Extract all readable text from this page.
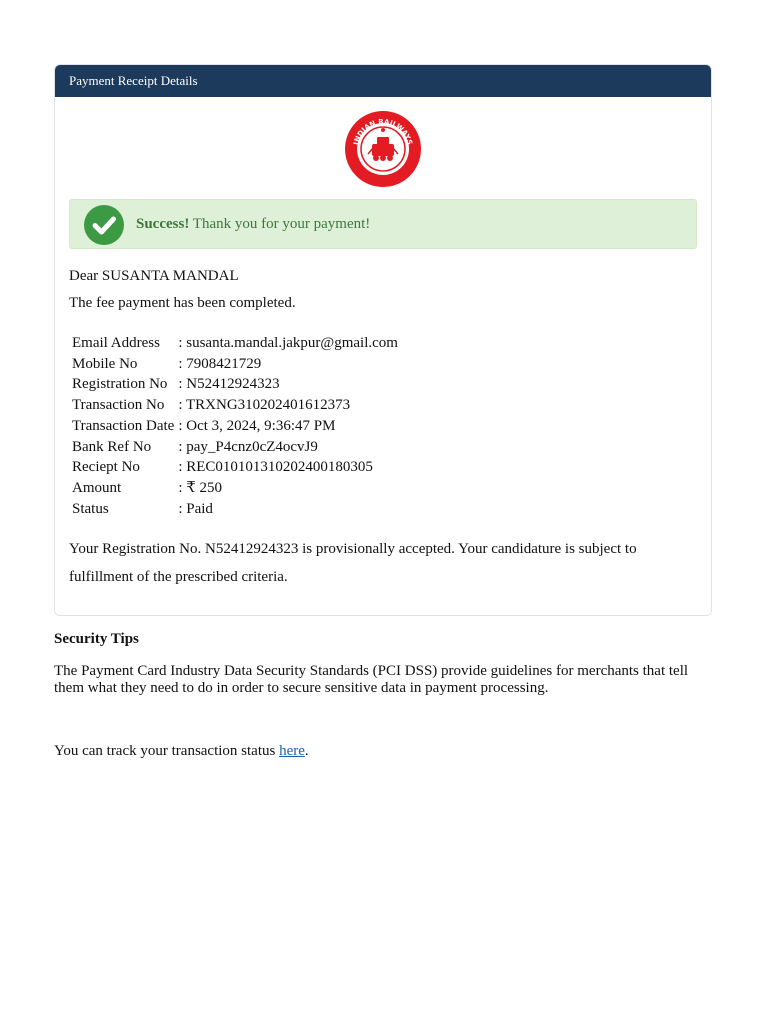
Payment Receipt Details
INDIAN RAILWAYS
Success! Thank you for your payment!
Dear SUSANTA MANDAL
The fee payment has been completed.
Email Address	: susanta.mandal.jakpur@gmail.com
Mobile No	: 7908421729
Registration No	: N52412924323
Transaction No	: TRXNG310202401612373
Transaction Date	: Oct 3, 2024, 9:36:47 PM
Bank Ref No	: pay_P4cnz0cZ4ocvJ9
Reciept No	: REC010101310202400180305
Amount	: ₹ 250
Status	: Paid
Your Registration No. N52412924323 is provisionally accepted. Your candidature is subject to fulfillment of the prescribed criteria.
Security Tips
The Payment Card Industry Data Security Standards (PCI DSS) provide guidelines for merchants that tell them what they need to do in order to secure sensitive data in payment processing.
You can track your transaction status here.
